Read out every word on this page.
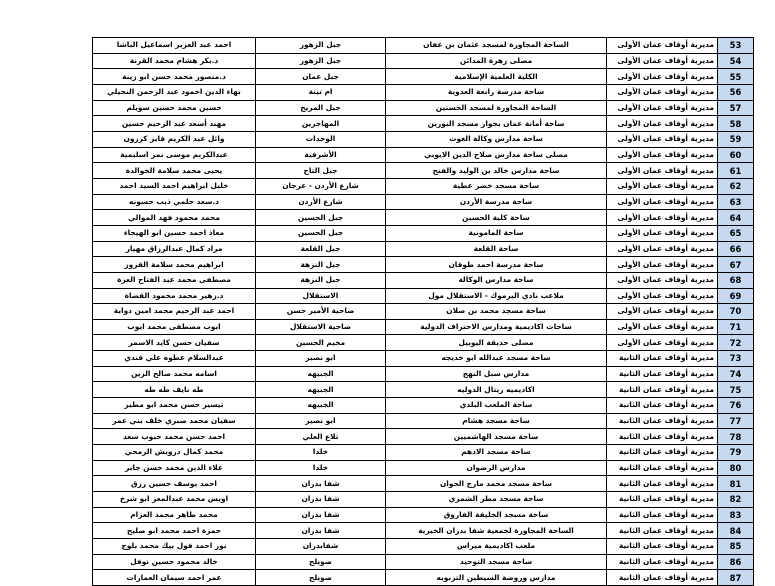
53	مديرية أوقاف عمان الأولى	الساحة المجاورة لمسجد عثمان بن عفان	جبل الزهور	احمد عبد العزيز اسماعيل الباشا
54	مديرية أوقاف عمان الأولى	مصلى زهرة المدائن	جبل الزهور	د.بكر هشام محمد القرنة
55	مديرية أوقاف عمان الأولى	الكلية العلمية الإسلامية	جبل عمان	د.منصور محمد حسن ابو زينة
56	مديرية أوقاف عمان الأولى	ساحة مدرسة رابعة العدوية	ام تينة	بهاء الدين احمود عبد الرحمن النجيلي
57	مديرية أوقاف عمان الأولى	الساحة المجاورة لمسجد الحسنين	جبل المريخ	حسين محمد حسين سويلم
58	مديرية أوقاف عمان الأولى	ساحة أمانة عمان بجوار مسجد النورين	المهاجرين	مهند أسعد عبد الرحيم حسين
59	مديرية أوقاف عمان الأولى	ساحة مدارس وكالة الغوث	الوحدات	وائل عبد الكريم فايز كرزون
60	مديرية أوقاف عمان الأولى	مصلى ساحة مدارس صلاح الدين الايوبي	الأشرفية	عبدالكريم موسى نمر اسليمية
61	مديرية أوقاف عمان الأولى	ساحة مدارس خالد بن الوليد والفتح	جبل التاج	يحيى محمد سلامة الخوالدة
62	مديرية أوقاف عمان الأولى	ساحة مسجد خضر عطية	شارع الأردن - عرجان	خليل ابراهيم احمد السيد احمد
63	مديرية أوقاف عمان الأولى	ساحة مدرسة الأردن	شارع الأردن	د.سعد حلمي ذيب حسونه
64	مديرية أوقاف عمان الأولى	ساحة كلية الحسين	جبل الحسين	محمد محمود فهد الموالي
65	مديرية أوقاف عمان الأولى	ساحة المامونية	جبل الحسين	معاذ احمد حسين ابو الهيجاء
66	مديرية أوقاف عمان الأولى	ساحة القلعة	جبل القلعة	مراد كمال عبدالرزاق مهيار
67	مديرية أوقاف عمان الأولى	ساحة مدرسة احمد طوقان	جبل النزهة	ابراهيم محمد سلامة القروز
68	مديرية أوقاف عمان الأولى	ساحة مدارس الوكالة	جبل النزهة	مصطفى محمد عبد الفتاح العزة
69	مديرية أوقاف عمان الأولى	ملاعب نادي اليرموك - الاستقلال مول	الاستقلال	د.زهير محمد محمود القضاة
70	مديرية أوقاف عمان الأولى	ساحة مسجد محمد بن صلان	ضاحية الأمير حسن	احمد عبد الرحيم محمد امين دواية
71	مديرية أوقاف عمان الأولى	ساحات اكاديمية ومدارس الاحتراف الدولية	ضاحية الاستقلال	ايوب مصطفى محمد ايوب
72	مديرية أوقاف عمان الأولى	مصلى حديقة اليوبيل	مخيم الحسين	سفيان حسن كايد الاسمر
73	مديرية أوقاف عمان الثانية	ساحة مسجد عبدالله ابو خديجه	ابو نصير	عبدالسلام عطوه علي قندي
74	مديرية أوقاف عمان الثانية	مدارس سبل النهج	الجبيهه	اسامه محمد صالح الزين
75	مديرية أوقاف عمان الثانية	اكاديميه ريتال الدوليه	الجبيهه	طه نايف طه طه
76	مديرية أوقاف عمان الثانية	ساحة الملعب البلدي	الجبيهه	تيسير حسن محمد ابو مطير
77	مديرية أوقاف عمان الثانية	ساحة مسجد هشام	ابو نصير	سفيان محمد صبري خلف بني عمر
78	مديرية أوقاف عمان الثانية	ساحة مسجد الهاشميين	تلاع العلي	احمد حسن محمد حبوب سعد
79	مديرية أوقاف عمان الثانية	ساحة مسجد الادهم	خلدا	محمد كمال درويش الرمحي
80	مديرية أوقاف عمان الثانية	مدارس الرضوان	خلدا	علاء الدين محمد حسن جابر
81	مديرية أوقاف عمان الثانية	ساحة مسجد محمد مارج الحوان	شفا بدران	احمد يوسف حسين رزق
82	مديرية أوقاف عمان الثانية	ساحة مسجد مطر الشمري	شفا بدران	اويس محمد عبدالمعز ابو شرخ
83	مديرية أوقاف عمان الثانية	ساحة مسجد الخليفة الفاروق	شفا بدران	محمد طاهر محمد العزام
84	مديرية أوقاف عمان الثانية	الساحة المجاورة لجمعية شفا بدران الخيرية	شفا بدران	حمزة احمد محمد ابو صليح
85	مديرية أوقاف عمان الثانية	ملعب اكاديمية ميراس	شفابدران	نور احمد فول بيك محمد بلوج
86	مديرية أوقاف عمان الثانية	ساحة مسجد التوحيد	صويلح	خالد محمود حسين نوفل
87	مديرية أوقاف عمان الثانية	مدارس وروضة السيطين التربويه	صويلح	عمر احمد سيمان العمارات
